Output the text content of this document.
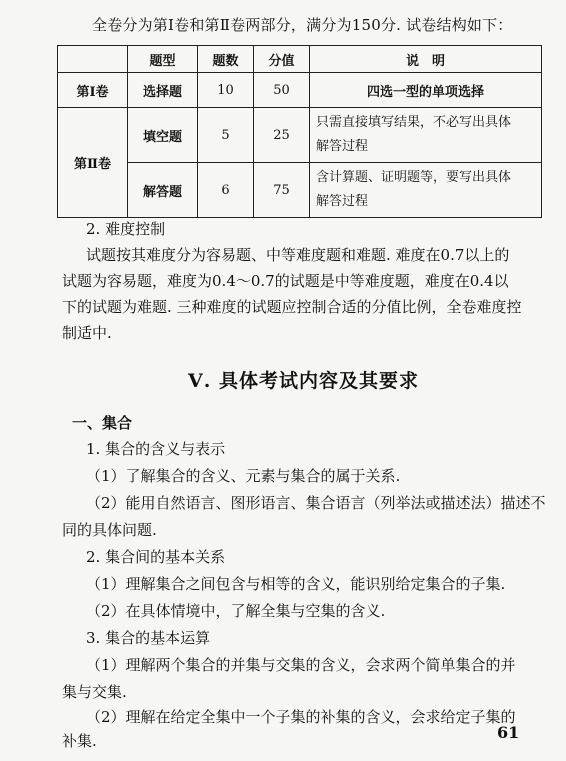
全卷分为第Ⅰ卷和第Ⅱ卷两部分，满分为150分. 试卷结构如下：
	题型	题数	分值	说　明
第Ⅰ卷	选择题	10	50	四选一型的单项选择
第Ⅱ卷	填空题	5	25	只需直接填写结果，不必写出具体
解答过程

	解答题	6	75	含计算题、证明题等，要写出具体
解答过程
2. 难度控制
试题按其难度分为容易题、中等难度题和难题. 难度在0.7以上的
试题为容易题，难度为0.4～0.7的试题是中等难度题，难度在0.4以
下的试题为难题. 三种难度的试题应控制合适的分值比例，全卷难度控
制适中.
Ⅴ. 具体考试内容及其要求
一、集合
1. 集合的含义与表示
（1）了解集合的含义、元素与集合的属于关系.
（2）能用自然语言、图形语言、集合语言（列举法或描述法）描述不
同的具体问题.
2. 集合间的基本关系
（1）理解集合之间包含与相等的含义，能识别给定集合的子集.
（2）在具体情境中，了解全集与空集的含义.
3. 集合的基本运算
（1）理解两个集合的并集与交集的含义，会求两个简单集合的并
集与交集.
（2）理解在给定全集中一个子集的补集的含义，会求给定子集的
补集.	61
